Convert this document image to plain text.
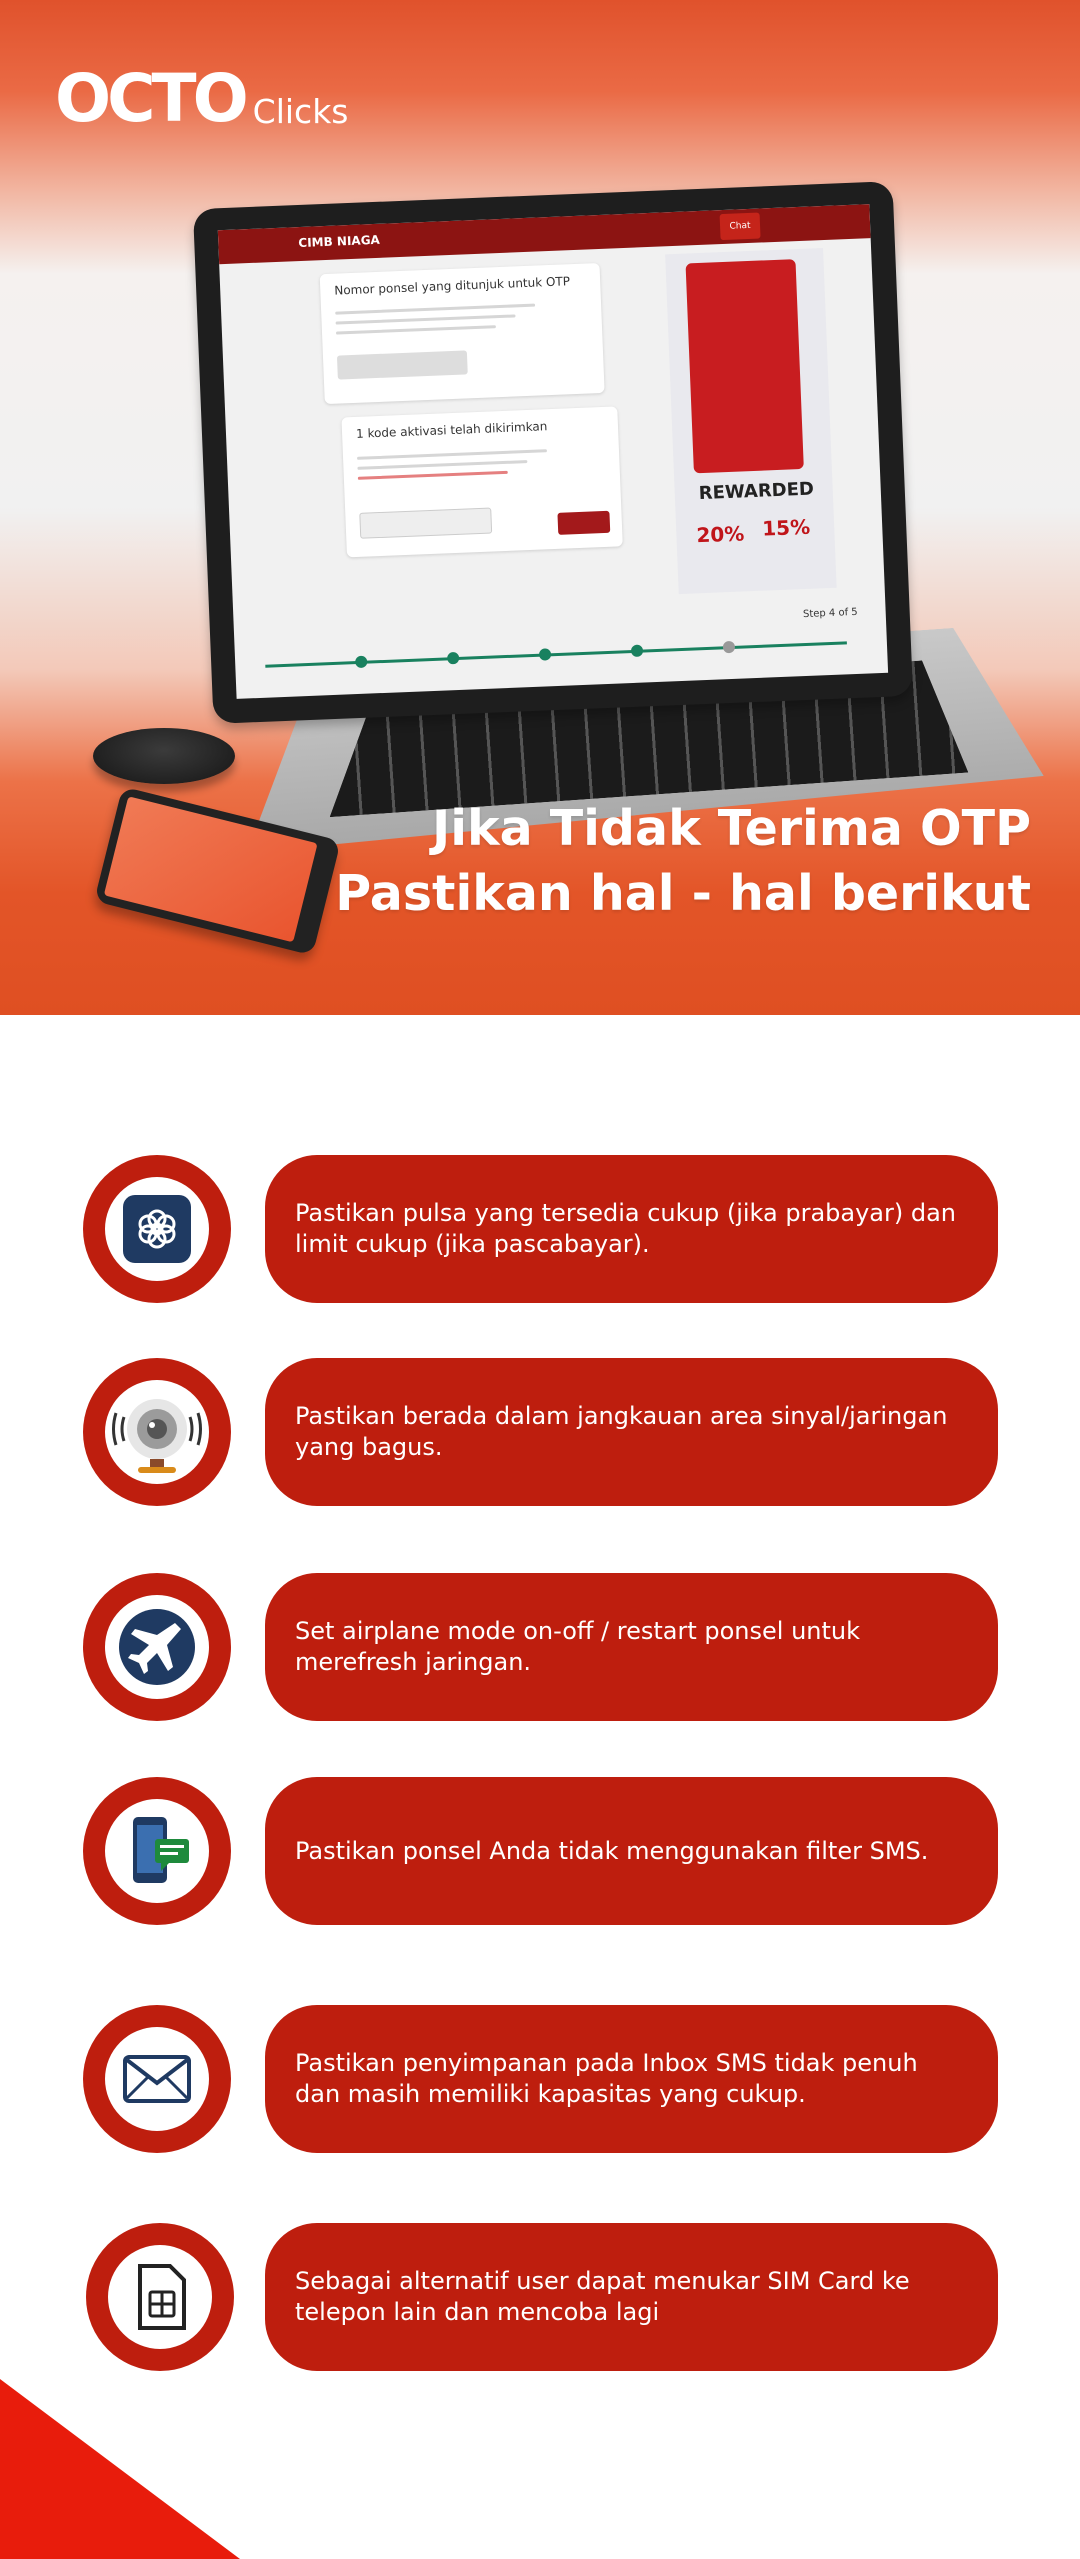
OCTO Clicks
CIMB NIAGA
Chat
Nomor ponsel yang ditunjuk untuk OTP
1 kode aktivasi telah dikirimkan
REWARDED
20% 15%
Step 4 of 5
Jika Tidak Terima OTP
Pastikan hal - hal berikut
Pastikan pulsa yang tersedia cukup (jika prabayar) dan limit cukup (jika pascabayar).
Pastikan berada dalam jangkauan area sinyal/jaringan yang bagus.
Set airplane mode on-off / restart ponsel untuk merefresh jaringan.
Pastikan ponsel Anda tidak menggunakan filter SMS.
Pastikan penyimpanan pada Inbox SMS tidak penuh dan masih memiliki kapasitas yang cukup.
Sebagai alternatif user dapat menukar SIM Card ke telepon lain dan mencoba lagi
